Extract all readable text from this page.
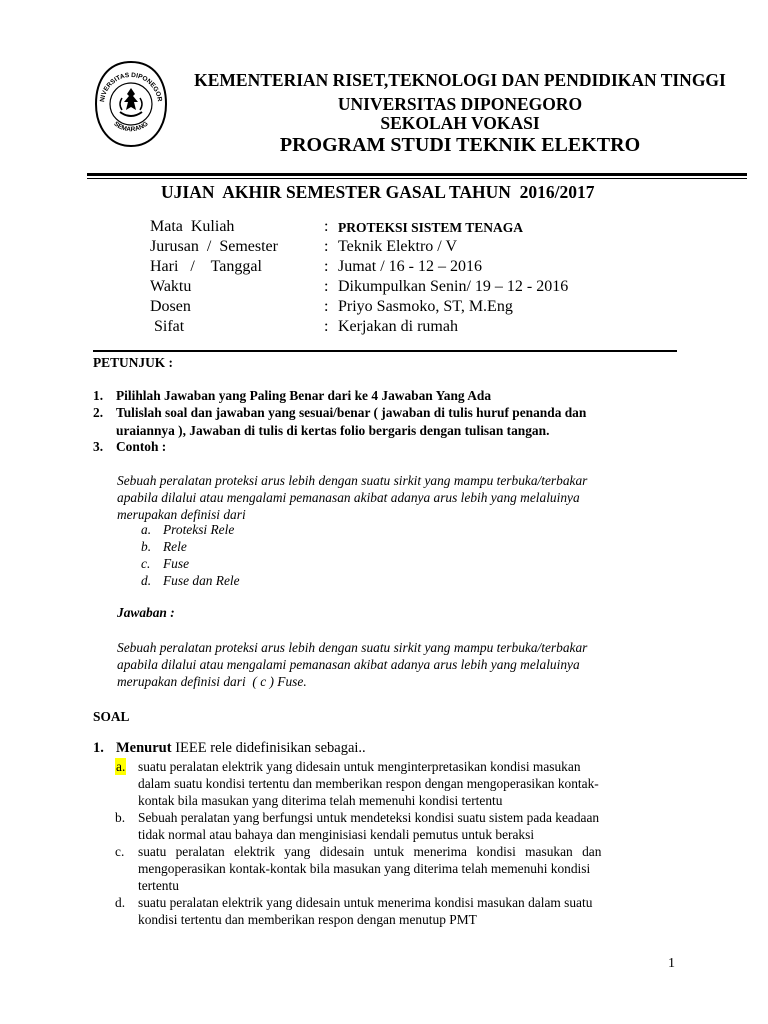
NIVERSITAS DIPONEGOR
SEMARANG
KEMENTERIAN RISET,TEKNOLOGI DAN PENDIDIKAN TINGGI
UNIVERSITAS DIPONEGORO
SEKOLAH VOKASI
PROGRAM STUDI TEKNIK ELEKTRO
UJIAN  AKHIR SEMESTER GASAL TAHUN  2016/2017
Mata  Kuliah	: PROTEKSI SISTEM TENAGA
Jurusan  /  Semester	: Teknik Elektro / V
Hari   /    Tanggal	: Jumat / 16 - 12 – 2016
Waktu	: Dikumpulkan Senin/ 19 – 12 - 2016
Dosen	: Priyo Sasmoko, ST, M.Eng
Sifat	: Kerjakan di rumah
PETUNJUK :
1. Pilihlah Jawaban yang Paling Benar dari ke 4 Jawaban Yang Ada
2. Tulislah soal dan jawaban yang sesuai/benar ( jawaban di tulis huruf penanda dan
uraiannya ), Jawaban di tulis di kertas folio bergaris dengan tulisan tangan.
3. Contoh :
Sebuah peralatan proteksi arus lebih dengan suatu sirkit yang mampu terbuka/terbakar
apabila dilalui atau mengalami pemanasan akibat adanya arus lebih yang melaluinya
merupakan definisi dari
a. Proteksi Rele
b. Rele
c. Fuse
d. Fuse dan Rele
Jawaban :
Sebuah peralatan proteksi arus lebih dengan suatu sirkit yang mampu terbuka/terbakar
apabila dilalui atau mengalami pemanasan akibat adanya arus lebih yang melaluinya
merupakan definisi dari  ( c ) Fuse.
SOAL
1. Menurut IEEE rele didefinisikan sebagai..
a. suatu peralatan elektrik yang didesain untuk menginterpretasikan kondisi masukan
dalam suatu kondisi tertentu dan memberikan respon dengan mengoperasikan kontak-
kontak bila masukan yang diterima telah memenuhi kondisi tertentu
b. Sebuah peralatan yang berfungsi untuk mendeteksi kondisi suatu sistem pada keadaan
tidak normal atau bahaya dan menginisiasi kendali pemutus untuk beraksi
c. suatu peralatan elektrik yang didesain untuk menerima kondisi masukan dan
mengoperasikan kontak-kontak bila masukan yang diterima telah memenuhi kondisi
tertentu
d. suatu peralatan elektrik yang didesain untuk menerima kondisi masukan dalam suatu
kondisi tertentu dan memberikan respon dengan menutup PMT
1
